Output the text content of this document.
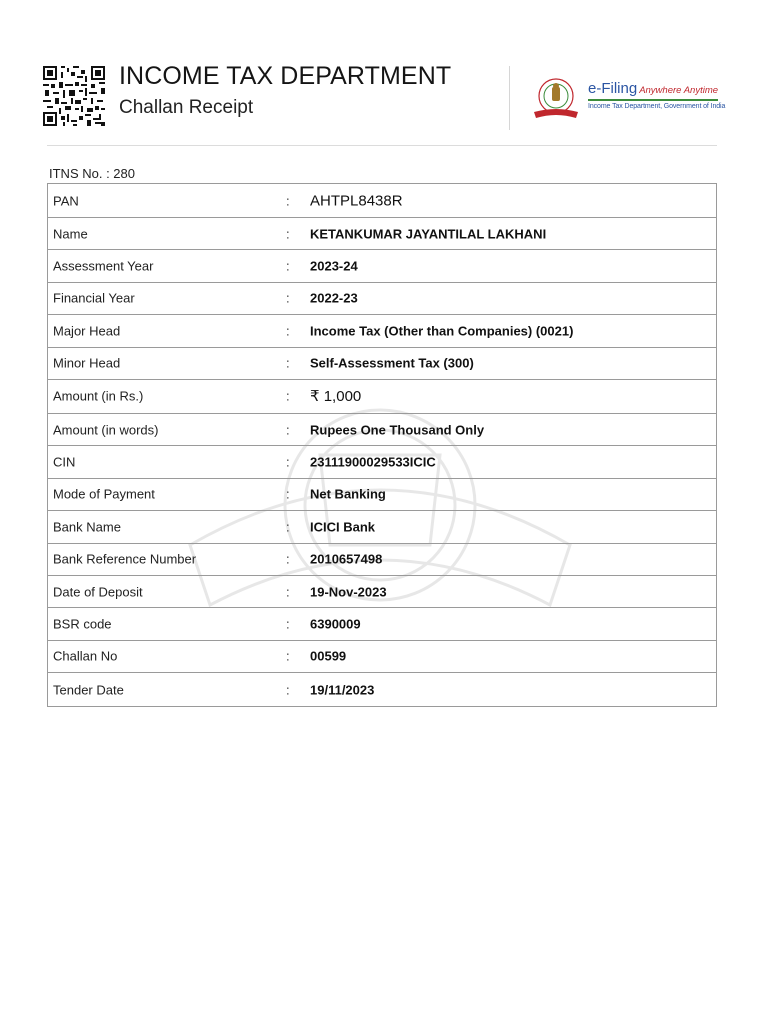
INCOME TAX DEPARTMENT
Challan Receipt
e-Filing Anywhere Anytime
Income Tax Department, Government of India
ITNS No. : 280
PAN	: AHTPL8438R
Name	: KETANKUMAR JAYANTILAL LAKHANI
Assessment Year	: 2023-24
Financial Year	: 2022-23
Major Head	: Income Tax (Other than Companies) (0021)
Minor Head	: Self-Assessment Tax (300)
Amount (in Rs.)	: ₹ 1,000
Amount (in words)	: Rupees One Thousand Only
CIN	: 23111900029533ICIC
Mode of Payment	: Net Banking
Bank Name	: ICICI Bank
Bank Reference Number	: 2010657498
Date of Deposit	: 19-Nov-2023
BSR code	: 6390009
Challan No	: 00599
Tender Date	: 19/11/2023
